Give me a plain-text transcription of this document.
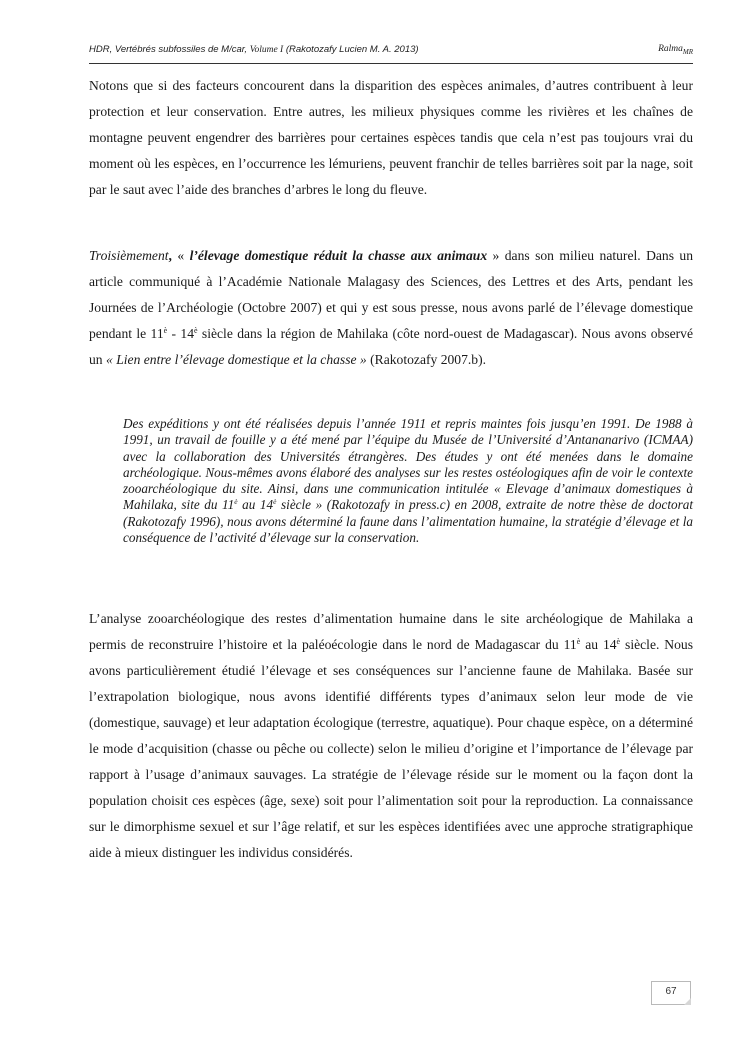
HDR, Vertébrés subfossiles de M/car, Volume I (Rakotozafy Lucien M. A. 2013)	Ralma$_{MR}$

Notons que si des facteurs concourent dans la disparition des espèces animales, d’autres contribuent à leur protection et leur conservation. Entre autres, les milieux physiques comme les rivières et les chaînes de montagne peuvent engendrer des barrières pour certaines espèces tandis que cela n’est pas toujours vrai du moment où les espèces, en l’occurrence les lémuriens, peuvent franchir de telles barrières soit par la nage, soit par le saut avec l’aide des branches d’arbres le long du fleuve.

Troisièmement, « l’élevage domestique réduit la chasse aux animaux » dans son milieu naturel. Dans un article communiqué à l’Académie Nationale Malagasy des Sciences, des Lettres et des Arts, pendant les Journées de l’Archéologie (Octobre 2007) et qui y est sous presse, nous avons parlé de l’élevage domestique pendant le $11^è - 14^è$ siècle dans la région de Mahilaka (côte nord-ouest de Madagascar). Nous avons observé un « Lien entre l’élevage domestique et la chasse » (Rakotozafy 2007.b).

Des expéditions y ont été réalisées depuis l’année 1911 et repris maintes fois jusqu’en 1991. De 1988 à 1991, un travail de fouille y a été mené par l’équipe du Musée de l’Université d’Antananarivo (ICMAA) avec la collaboration des Universités étrangères. Des études y ont été menées dans le domaine archéologique. Nous-mêmes avons élaboré des analyses sur les restes ostéologiques afin de voir le contexte zooarchéologique du site. Ainsi, dans une communication intitulée « Elevage d’animaux domestiques à Mahilaka, site du $11^è$ au $14^è$ siècle » (Rakotozafy in press.c) en 2008, extraite de notre thèse de doctorat (Rakotozafy 1996), nous avons déterminé la faune dans l’alimentation humaine, la stratégie d’élevage et la conséquence de l’activité d’élevage sur la conservation.

L’analyse zooarchéologique des restes d’alimentation humaine dans le site archéologique de Mahilaka a permis de reconstruire l’histoire et la paléoécologie dans le nord de Madagascar du $11^è$ au $14^è$ siècle. Nous avons particulièrement étudié l’élevage et ses conséquences sur l’ancienne faune de Mahilaka. Basée sur l’extrapolation biologique, nous avons identifié différents types d’animaux selon leur mode de vie (domestique, sauvage) et leur adaptation écologique (terrestre, aquatique). Pour chaque espèce, on a déterminé le mode d’acquisition (chasse ou pêche ou collecte) selon le milieu d’origine et l’importance de l’élevage par rapport à l’usage d’animaux sauvages. La stratégie de l’élevage réside sur le moment ou la façon dont la population choisit ces espèces (âge, sexe) soit pour l’alimentation soit pour la reproduction. La connaissance sur le dimorphisme sexuel et sur l’âge relatif, et sur les espèces identifiées avec une approche stratigraphique aide à mieux distinguer les individus considérés.

67
